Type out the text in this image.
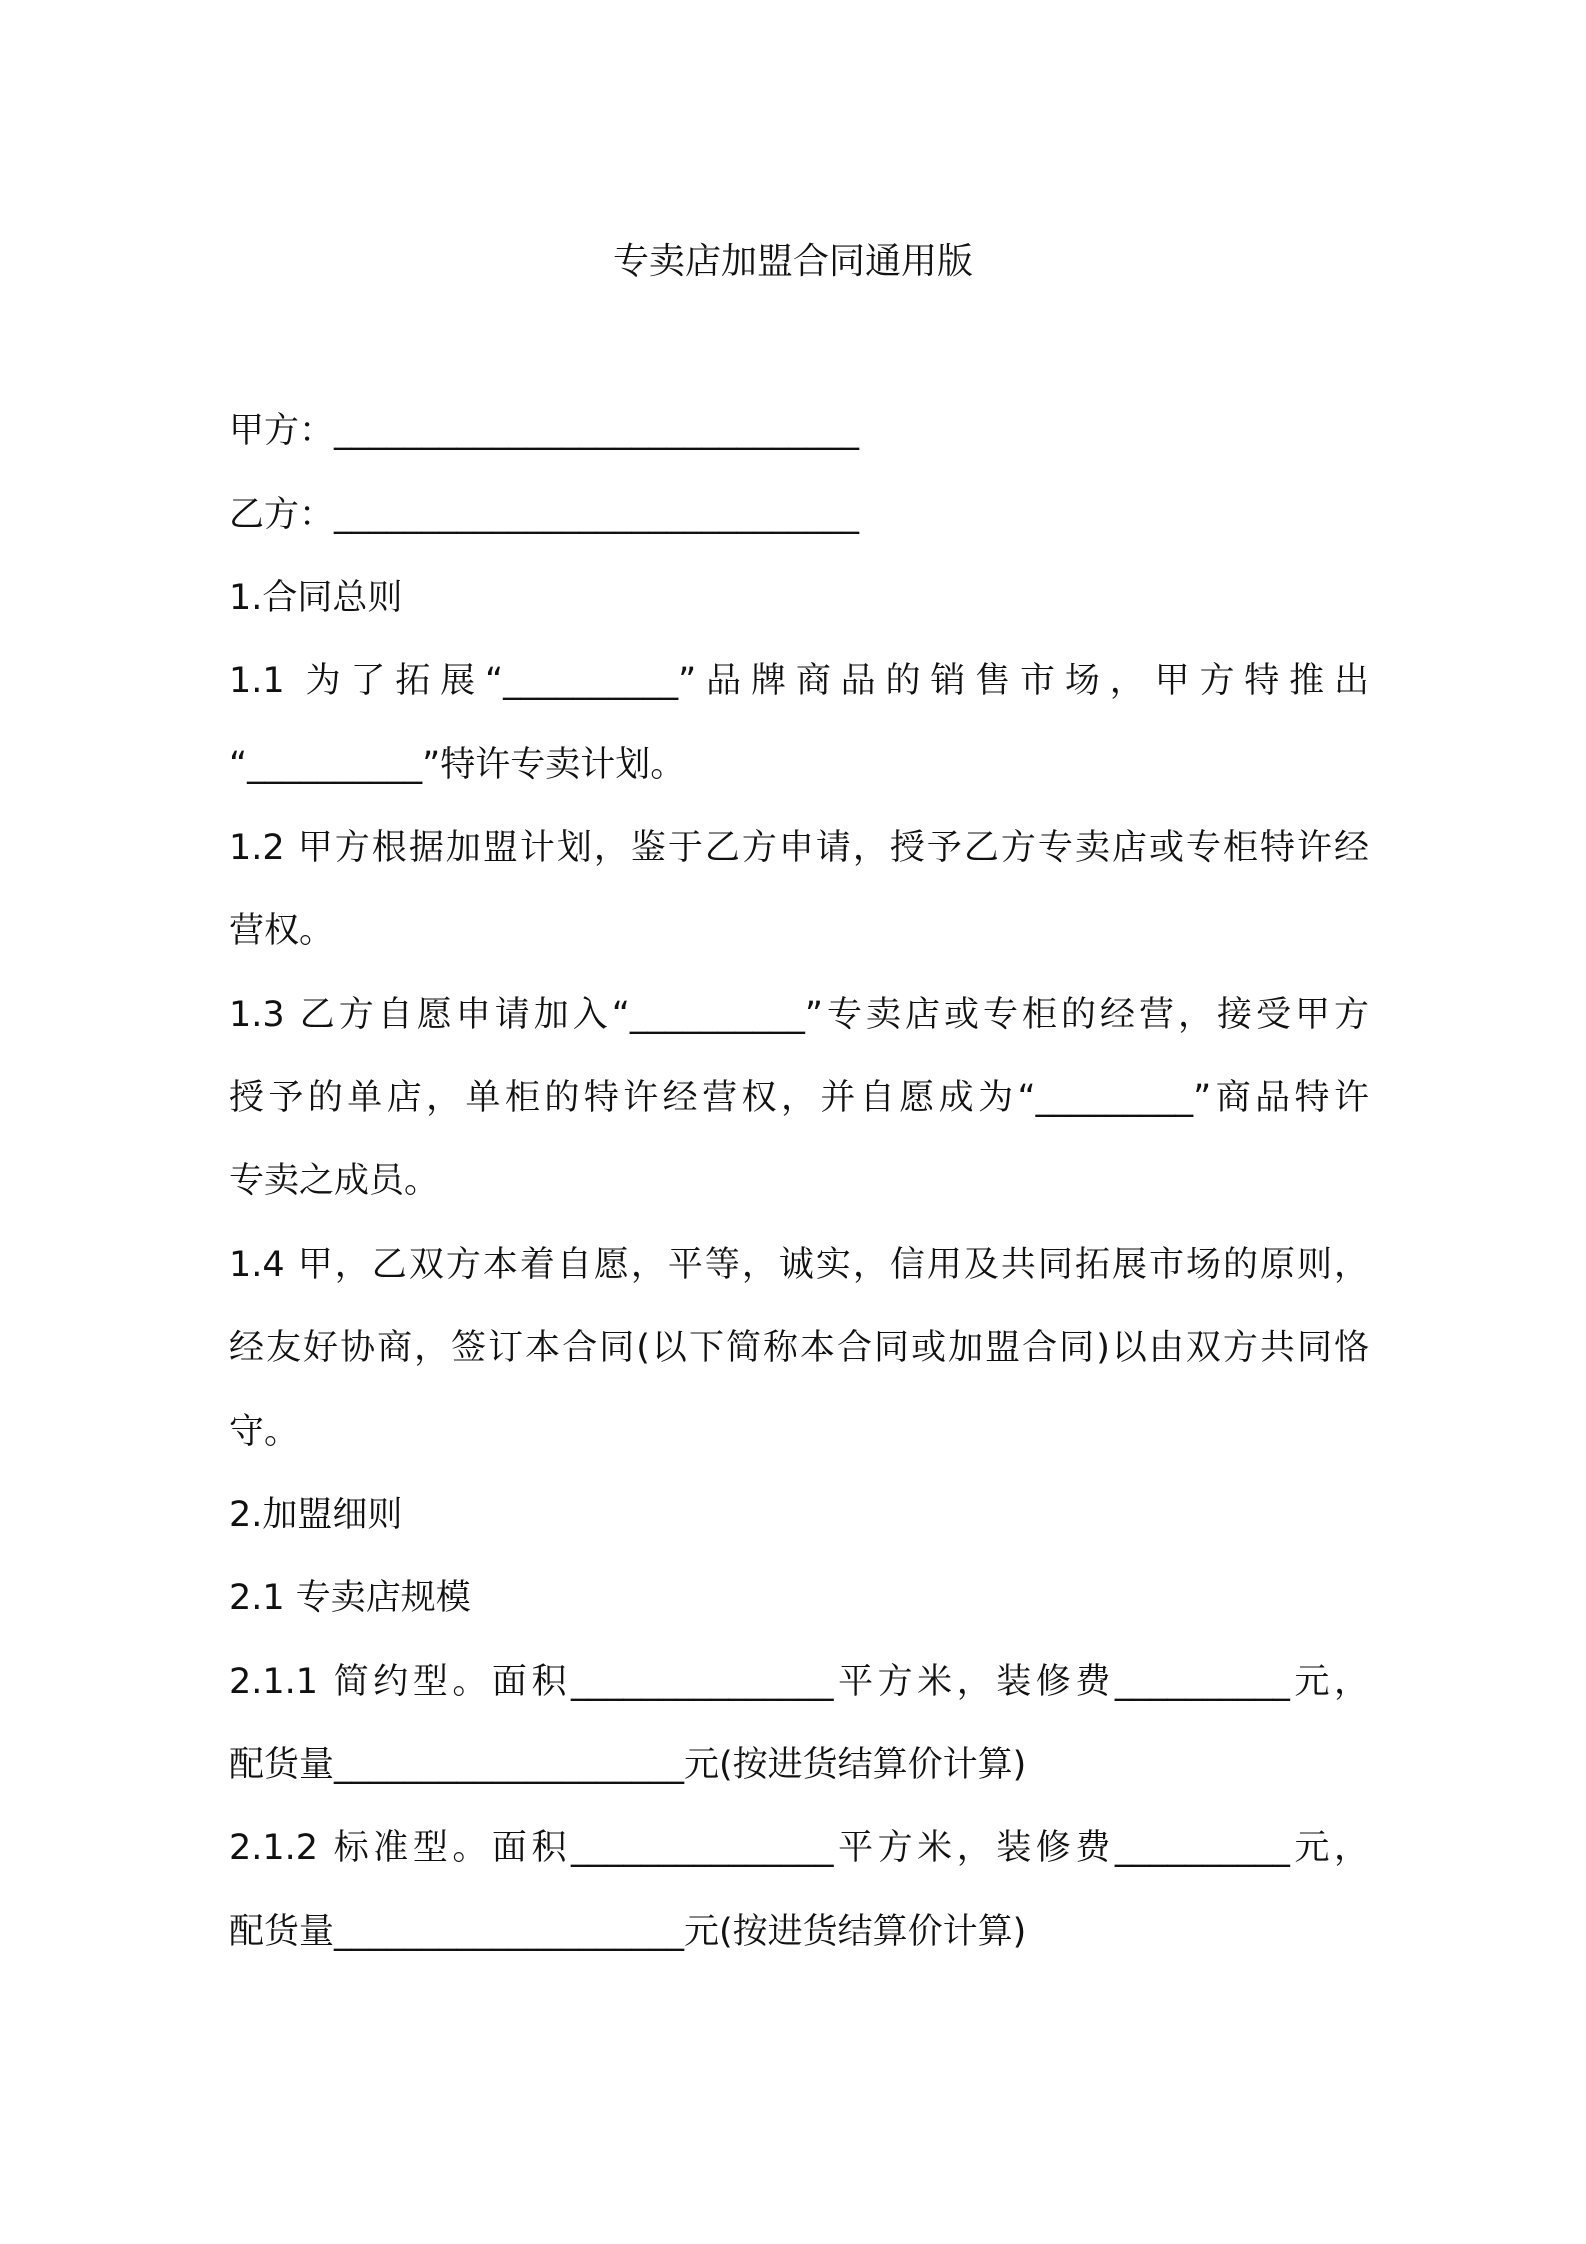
专卖店加盟合同通用版
甲方：______________________________
乙方：______________________________
1.合同总则
1.1 为了拓展“__________”品牌商品的销售市场，甲方特推出
“__________”特许专卖计划。
1.2 甲方根据加盟计划，鉴于乙方申请，授予乙方专卖店或专柜特许经
营权。
1.3 乙方自愿申请加入“__________”专卖店或专柜的经营，接受甲方
授予的单店，单柜的特许经营权，并自愿成为“_________”商品特许
专卖之成员。
1.4 甲，乙双方本着自愿，平等，诚实，信用及共同拓展市场的原则，
经友好协商，签订本合同(以下简称本合同或加盟合同)以由双方共同恪
守。
2.加盟细则
2.1 专卖店规模
2.1.1 简约型。面积_______________平方米，装修费__________元，
配货量____________________元(按进货结算价计算)
2.1.2 标准型。面积_______________平方米，装修费__________元，
配货量____________________元(按进货结算价计算)
